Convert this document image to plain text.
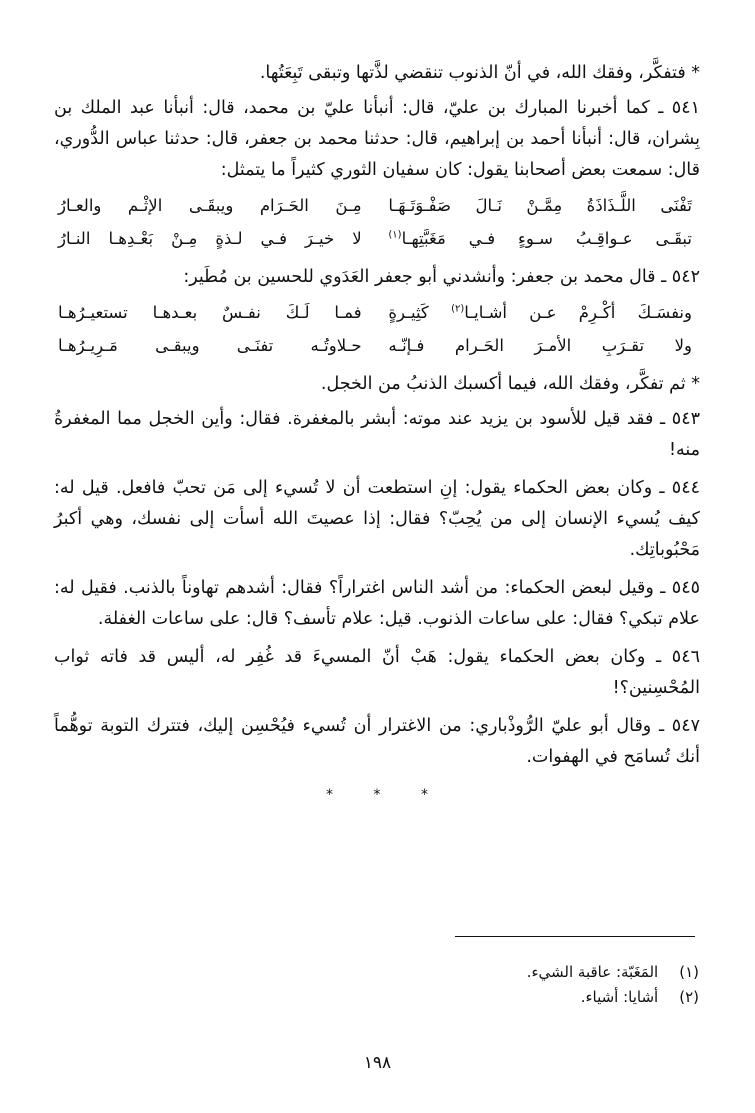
* فتفكَّر، وفقك الله، في أنّ الذنوب تنقضي لذَّتها وتبقى تَبِعَتُها.

٥٤١ ـ كما أخبرنا المبارك بن عليّ، قال: أنبأنا عليّ بن محمد، قال: أنبأنا عبد الملك بن بِشران، قال: أنبأنا أحمد بن إبراهيم، قال: حدثنا محمد بن جعفر، قال: حدثنا عباس الدُّوري، قال: سمعت بعض أصحابنا يقول: كان سفيان الثوري كثيراً ما يتمثل:

تَفْنَى اللَّـذَاذَةُ مِمَّـنْ نَـالَ صَفْـوَتَـهَـا
مِـنَ الحَـرَام ويبقَـى الإثْـم والعـارُ
تبقَـى عـواقِـبُ سـوءٍ فـي مَغَبَّتِهـا$^{(١)}$
لا خيـرَ فـي لـذةٍ مِـنْ بَعْـدِهـا النـارُ

٥٤٢ ـ قال محمد بن جعفر: وأنشدني أبو جعفر العَدَوي للحسين بن مُطَير:

ونفسَـكَ أكْـرِمْ عـن أشـايـا$^{(٢)}$ كَثِيـرةٍ
فمـا لَـكَ نفـسٌ بعـدهـا تستعيـرُهـا
ولا تقـرَبِ الأمـرَ الحَـرام فـإنّـه
حـلاوتُـه تفنَـى ويبقـى مَـرِيـرُهـا

* ثم تفكَّر، وفقك الله، فيما أكسبك الذنبُ من الخجل.

٥٤٣ ـ فقد قيل للأسود بن يزيد عند موته: أبشر بالمغفرة. فقال: وأين الخجل مما المغفرةُ منه!

٥٤٤ ـ وكان بعض الحكماء يقول: إنِ استطعت أن لا تُسيء إلى مَن تحبّ فافعل. قيل له: كيف يُسيء الإنسان إلى من يُحِبّ؟ فقال: إذا عصيتَ الله أسأت إلى نفسك، وهي أكبرُ مَحْبُوباتِك.

٥٤٥ ـ وقيل لبعض الحكماء: من أشد الناس اغتراراً؟ فقال: أشدهم تهاوناً بالذنب. فقيل له: علام تبكي؟ فقال: على ساعات الذنوب. قيل: علام تأسف؟ قال: على ساعات الغفلة.

٥٤٦ ـ وكان بعض الحكماء يقول: هَبْ أنّ المسيءَ قد غُفِر له، أليس قد فاته ثواب المُحْسِنين؟!

٥٤٧ ـ وقال أبو عليّ الرُّوذْباري: من الاغترار أن تُسيء فيُحْسِن إليك، فتترك التوبة توهُّماً أنك تُسامَح في الهفوات.

* * *
(١) المَغَبّة: عاقبة الشيء.
(٢) أشايا: أشياء.
١٩٨
